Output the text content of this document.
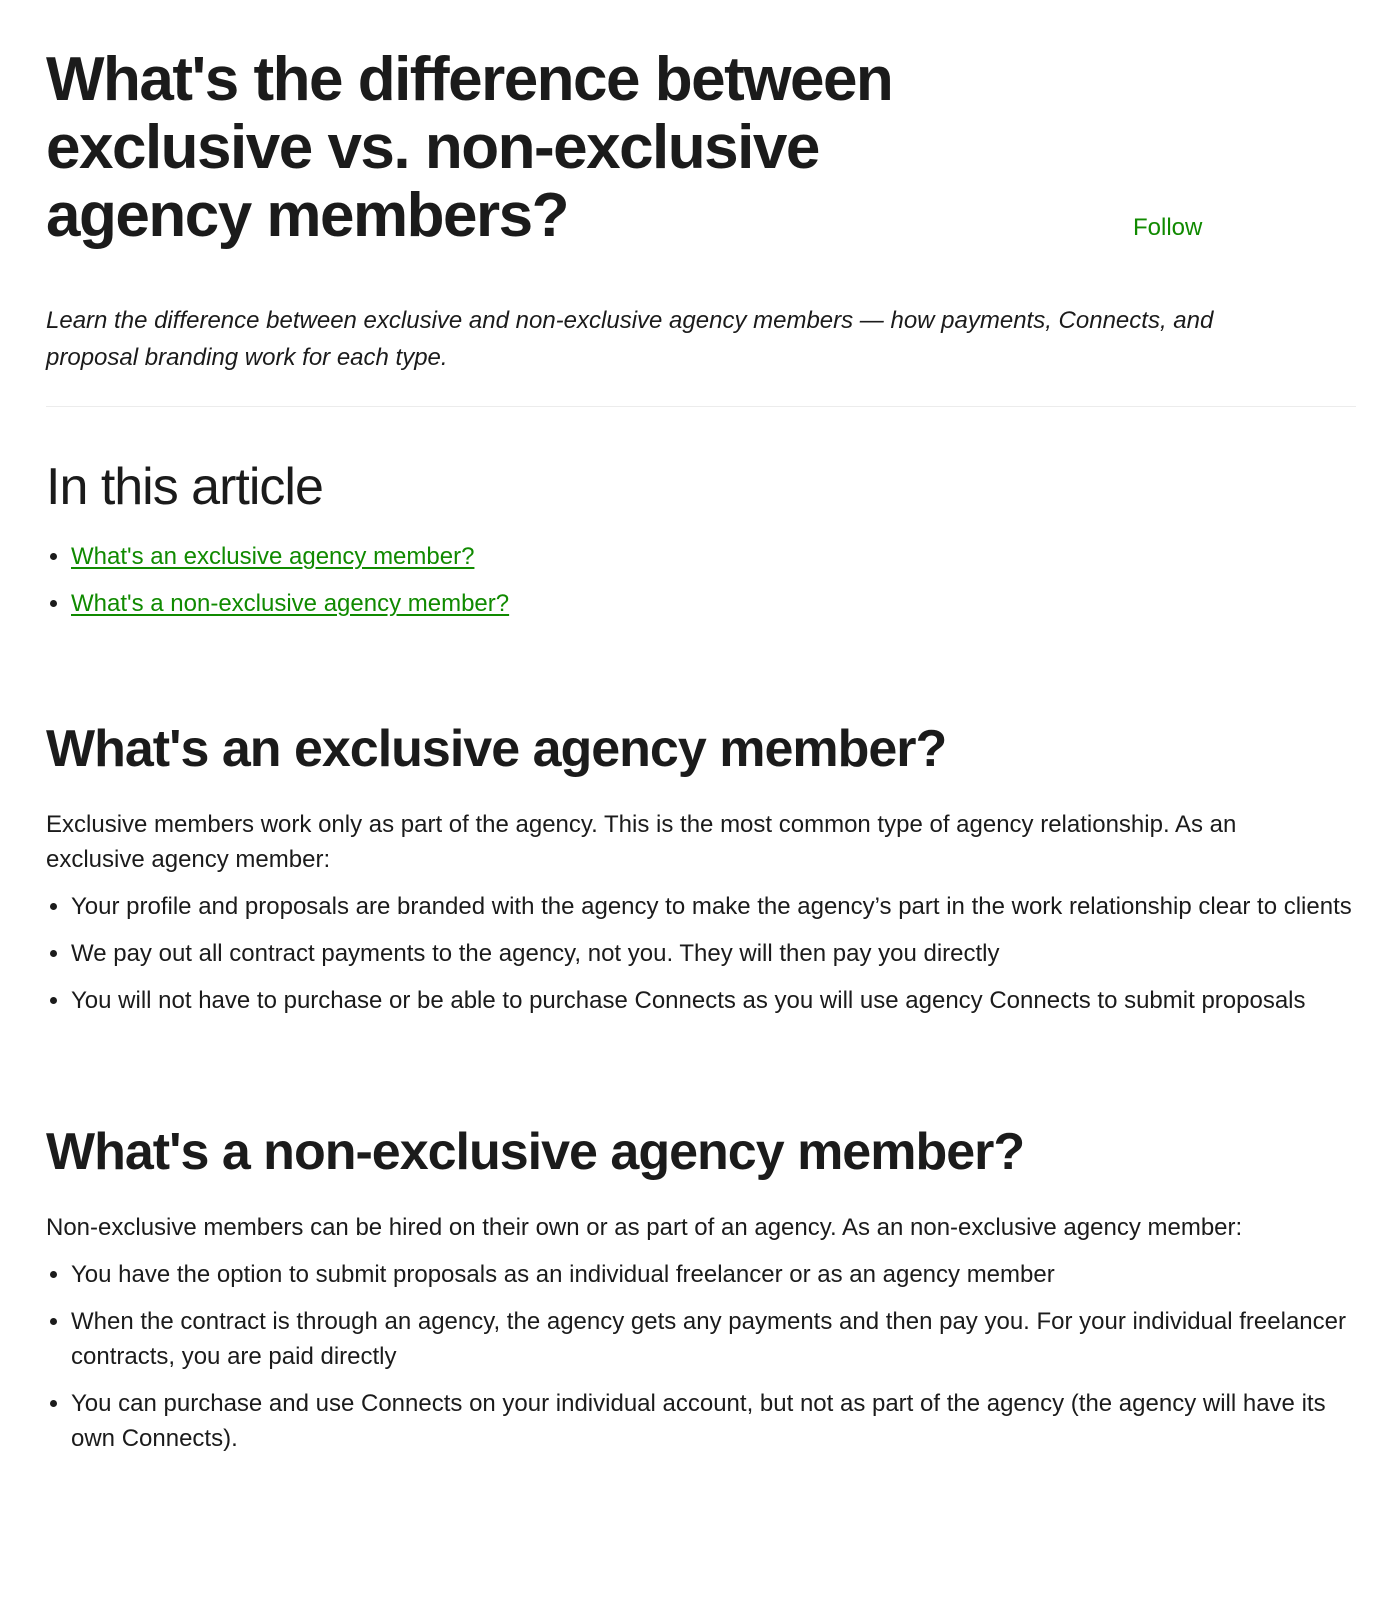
What's the difference between exclusive vs. non-exclusive agency members?	Follow

Learn the difference between exclusive and non-exclusive agency members — how payments, Connects, and proposal branding work for each type.

In this article
• What's an exclusive agency member?
• What's a non-exclusive agency member?
What's an exclusive agency member?

Exclusive members work only as part of the agency. This is the most common type of agency relationship. As an exclusive agency member:

• Your profile and proposals are branded with the agency to make the agency’s part in the work relationship clear to clients
• We pay out all contract payments to the agency, not you. They will then pay you directly
• You will not have to purchase or be able to purchase Connects as you will use agency Connects to submit proposals
What's a non-exclusive agency member?

Non-exclusive members can be hired on their own or as part of an agency. As an non-exclusive agency member:

• You have the option to submit proposals as an individual freelancer or as an agency member
• When the contract is through an agency, the agency gets any payments and then pay you. For your individual freelancer contracts, you are paid directly
• You can purchase and use Connects on your individual account, but not as part of the agency (the agency will have its own Connects).
